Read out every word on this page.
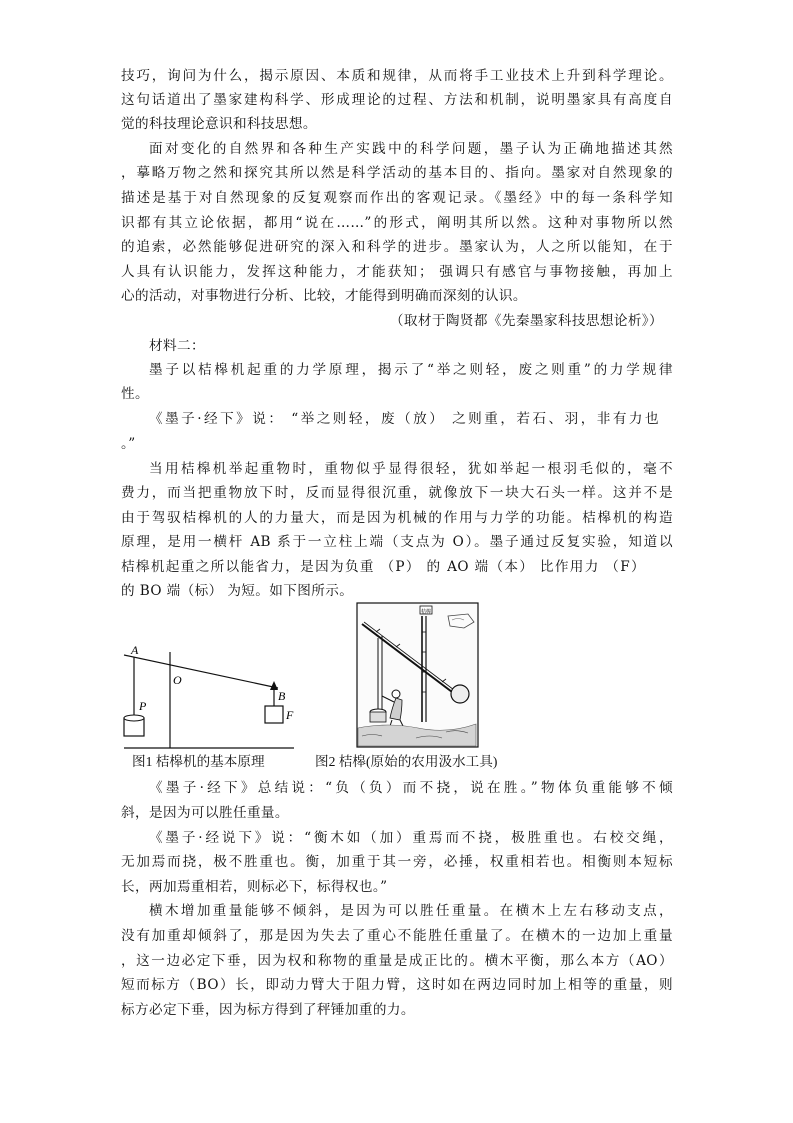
技巧，询问为什么，揭示原因、本质和规律，从而将手工业技术上升到科学理论。
这句话道出了墨家建构科学、形成理论的过程、方法和机制，说明墨家具有高度自
觉的科技理论意识和科技思想。
面对变化的自然界和各种生产实践中的科学问题，墨子认为正确地描述其然
，摹略万物之然和探究其所以然是科学活动的基本目的、指向。墨家对自然现象的
描述是基于对自然现象的反复观察而作出的客观记录。《墨经》中的每一条科学知
识都有其立论依据，都用“说在……”的形式，阐明其所以然。这种对事物所以然
的追索，必然能够促进研究的深入和科学的进步。墨家认为，人之所以能知，在于
人具有认识能力，发挥这种能力，才能获知； 强调只有感官与事物接触，再加上
心的活动，对事物进行分析、比较，才能得到明确而深刻的认识。
（取材于陶贤都《先秦墨家科技思想论析》）
材料二：
墨子以桔槔机起重的力学原理，揭示了“举之则轻，废之则重”的力学规律
性。
《墨子·经下》说： “举之则轻，废（放） 之则重，若石、羽，非有力也
。”
当用桔槔机举起重物时，重物似乎显得很轻，犹如举起一根羽毛似的，毫不
费力，而当把重物放下时，反而显得很沉重，就像放下一块大石头一样。这并不是
由于驾驭桔槔机的人的力量大，而是因为机械的作用与力学的功能。桔槔机的构造
原理，是用一横杆 AB 系于一立柱上端（支点为 O）。墨子通过反复实验，知道以
桔槔机起重之所以能省力，是因为负重 （P） 的 AO 端（本） 比作用力 （F）
的 BO 端（标） 为短。如下图所示。
A
O
B
P
F
桔槔
图1 桔槔机的基本原理	图2 桔槔(原始的农用汲水工具)
《墨子·经下》总结说：“负（负）而不挠，说在胜。”物体负重能够不倾
斜，是因为可以胜任重量。
《墨子·经说下》说：“衡木如（加）重焉而不挠，极胜重也。右校交绳，
无加焉而挠，极不胜重也。衡，加重于其一旁，必捶，权重相若也。相衡则本短标
长，两加焉重相若，则标必下，标得权也。”
横木增加重量能够不倾斜，是因为可以胜任重量。在横木上左右移动支点，
没有加重却倾斜了，那是因为失去了重心不能胜任重量了。在横木的一边加上重量
，这一边必定下垂，因为权和称物的重量是成正比的。横木平衡，那么本方（AO）
短而标方（BO）长，即动力臂大于阻力臂，这时如在两边同时加上相等的重量，则
标方必定下垂，因为标方得到了秤锤加重的力。
